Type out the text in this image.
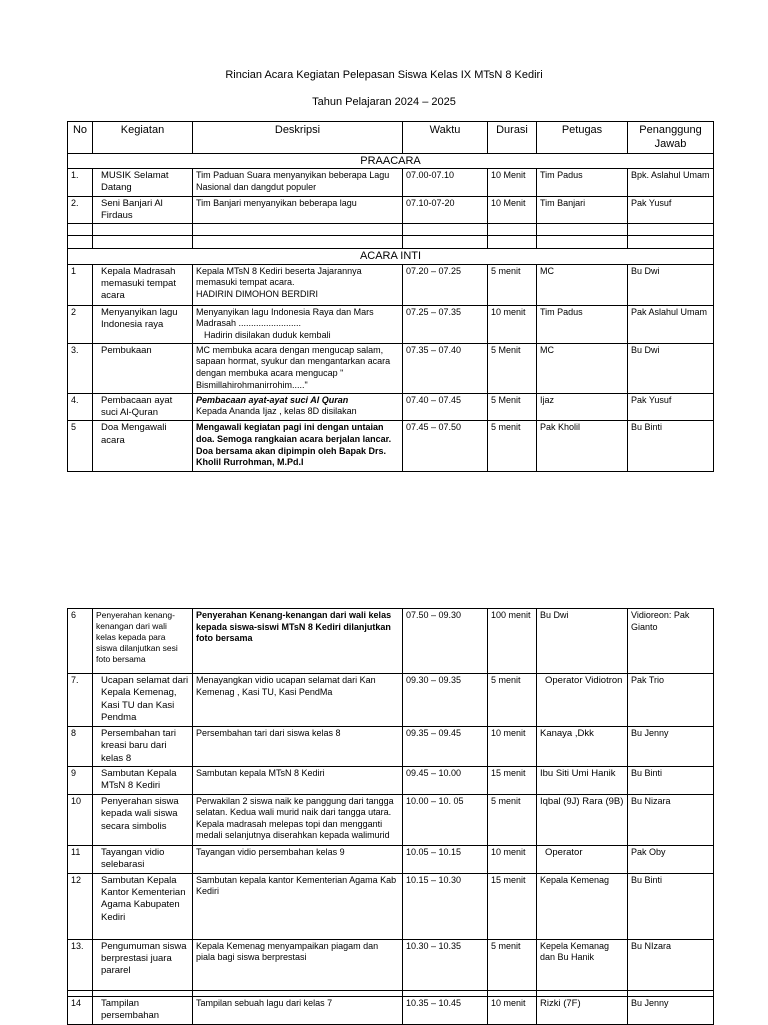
Rincian Acara Kegiatan Pelepasan Siswa Kelas IX MTsN 8 Kediri
Tahun Pelajaran 2024 – 2025
No	Kegiatan	Deskripsi	Waktu	Durasi	Petugas	Penanggung Jawab
PRAACARA						
1.	MUSIK Selamat Datang	Tim Paduan Suara menyanyikan beberapa Lagu Nasional dan dangdut populer	07.00-07.10	10 Menit	Tim Padus	Bpk. Aslahul Umam
2.	Seni Banjari Al Firdaus	Tim Banjari menyanyikan beberapa lagu	07.10-07-20	10 Menit	Tim Banjari	Pak Yusuf

ACARA INTI						
1	Kepala Madrasah memasuki tempat acara	Kepala MTsN 8 Kediri beserta Jajarannya memasuki tempat acara.
HADIRIN DIMOHON BERDIRI	07.20 – 07.25	5 menit	MC	Bu Dwi
2	Menyanyikan lagu Indonesia raya	Menyanyikan lagu Indonesia Raya dan Mars Madrasah .........................
Hadirin disilakan duduk kembali	07.25 – 07.35	10 menit	Tim Padus	Pak Aslahul Umam
3.	Pembukaan	MC membuka acara dengan mengucap salam, sapaan hormat, syukur dan mengantarkan acara dengan membuka acara mengucap " Bismillahirohmanirrohim....."	07.35 – 07.40	5 Menit	MC	Bu Dwi
4.	Pembacaan ayat suci Al-Quran	Pembacaan ayat-ayat suci Al Quran
Kepada Ananda Ijaz , kelas 8D disilakan	07.40 – 07.45	5 Menit	Ijaz	Pak Yusuf
5	Doa Mengawali acara	Mengawali kegiatan pagi ini dengan untaian doa. Semoga rangkaian acara berjalan lancar. Doa bersama akan dipimpin oleh Bapak Drs. Kholil Rurrohman, M.Pd.I	07.45 – 07.50	5 menit	Pak Kholil	Bu Binti
6	Penyerahan kenang-kenangan dari wali kelas kepada para siswa dilanjutkan sesi foto bersama	Penyerahan Kenang-kenangan dari wali kelas kepada siswa-siswi MTsN 8 Kediri dilanjutkan foto bersama	07.50 – 09.30	100 menit	Bu Dwi	Vidioreon: Pak Gianto
7.	Ucapan selamat dari Kepala Kemenag, Kasi TU dan Kasi Pendma	Menayangkan vidio ucapan selamat dari Kan Kemenag , Kasi TU, Kasi PendMa	09.30 – 09.35	5 menit	Operator Vidiotron	Pak Trio
8	Persembahan tari kreasi baru dari kelas 8	Persembahan tari dari siswa kelas 8	09.35 – 09.45	10 menit	Kanaya ,Dkk	Bu Jenny
9	Sambutan Kepala MTsN 8 Kediri	Sambutan kepala MTsN 8 Kediri	09.45 – 10.00	15 menit	Ibu Siti Umi Hanik	Bu Binti
10	Penyerahan siswa kepada wali siswa secara simbolis	Perwakilan 2 siswa naik ke panggung dari tangga selatan. Kedua wali murid naik dari tangga utara. Kepala madrasah melepas topi dan mengganti medali selanjutnya diserahkan kepada walimurid	10.00 – 10. 05	5 menit	Iqbal (9J) Rara (9B)	Bu Nizara
11	Tayangan vidio selebarasi	Tayangan vidio persembahan kelas 9	10.05 – 10.15	10 menit	Operator	Pak Oby
12	Sambutan Kepala Kantor Kementerian Agama Kabupaten Kediri	Sambutan kepala kantor Kementerian Agama Kab Kediri	10.15 – 10.30	15 menit	Kepala Kemenag	Bu Binti
13.	Pengumuman siswa berprestasi juara pararel	Kepala Kemenag menyampaikan piagam dan piala bagi siswa berprestasi	10.30 – 10.35	5 menit	Kepela Kemanag dan Bu Hanik	Bu NIzara

14	Tampilan persembahan	Tampilan sebuah lagu dari kelas 7	10.35 – 10.45	10 menit	Rizki (7F)	Bu Jenny
